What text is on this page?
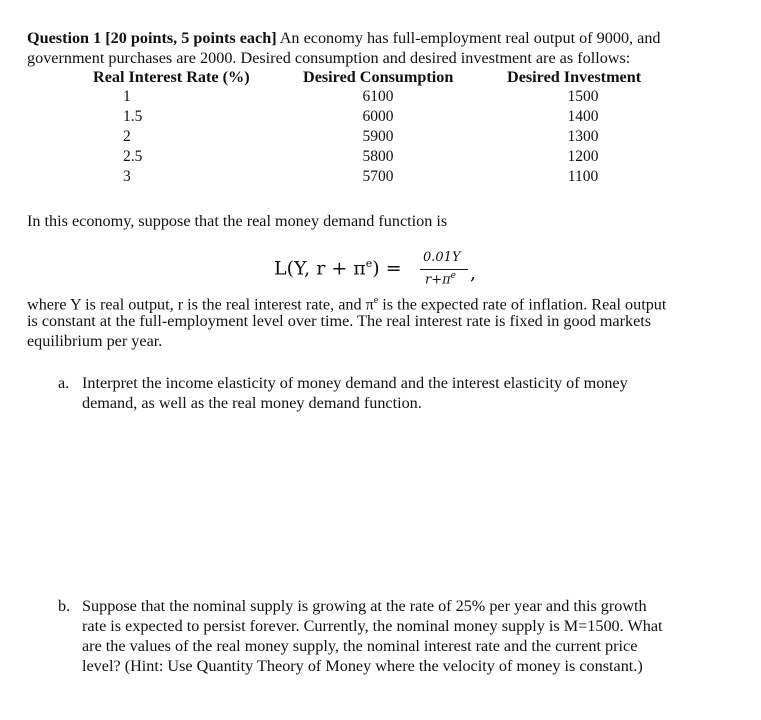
Question 1 [20 points, 5 points each] An economy has full-employment real output of 9000, and
government purchases are 2000. Desired consumption and desired investment are as follows:
Real Interest Rate (%)	Desired Consumption	Desired Investment
1	6100	1500
1.5	6000	1400
2	5900	1300
2.5	5800	1200
3	5700	1100
In this economy, suppose that the real money demand function is
L(Y, $r + \pi^e) = 0.01Y$
$r+\pi^e$ ,
where Y is real output, r is the real interest rate, and $\pi^e$ is the expected rate of inflation. Real output
is constant at the full-employment level over time. The real interest rate is fixed in good markets
equilibrium per year.
a. Interpret the income elasticity of money demand and the interest elasticity of money
demand, as well as the real money demand function.
b. Suppose that the nominal supply is growing at the rate of 25% per year and this growth
rate is expected to persist forever. Currently, the nominal money supply is M=1500. What
are the values of the real money supply, the nominal interest rate and the current price
level? (Hint: Use Quantity Theory of Money where the velocity of money is constant.)
